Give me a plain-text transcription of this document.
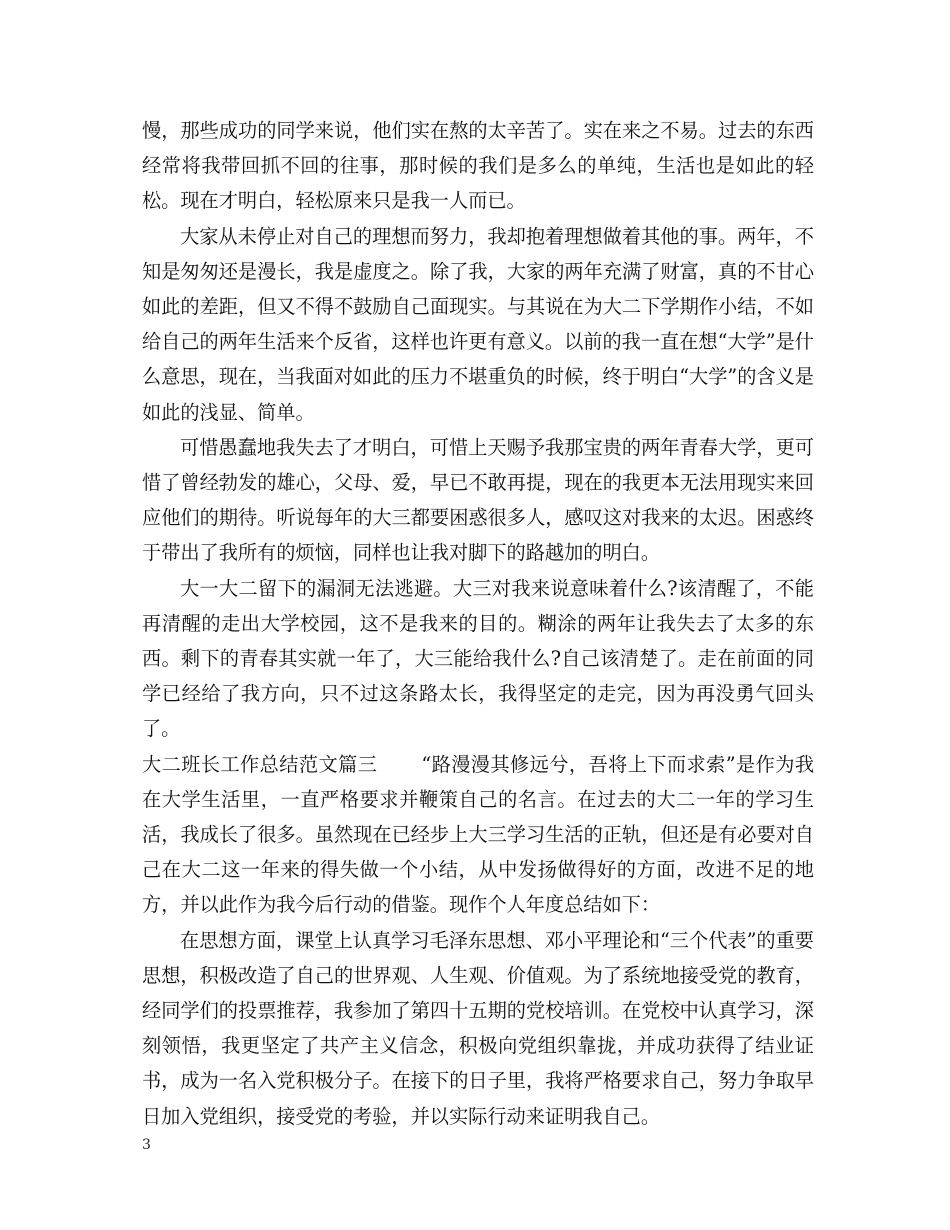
慢，那些成功的同学来说，他们实在熬的太辛苦了。实在来之不易。过去的东西经常将我带回抓不回的往事，那时候的我们是多么的单纯，生活也是如此的轻松。现在才明白，轻松原来只是我一人而已。

大家从未停止对自己的理想而努力，我却抱着理想做着其他的事。两年，不知是匆匆还是漫长，我是虚度之。除了我，大家的两年充满了财富，真的不甘心如此的差距，但又不得不鼓励自己面现实。与其说在为大二下学期作小结，不如给自己的两年生活来个反省，这样也许更有意义。以前的我一直在想“大学”是什么意思，现在，当我面对如此的压力不堪重负的时候，终于明白“大学”的含义是如此的浅显、简单。

可惜愚蠢地我失去了才明白，可惜上天赐予我那宝贵的两年青春大学，更可惜了曾经勃发的雄心，父母、爱，早已不敢再提，现在的我更本无法用现实来回应他们的期待。听说每年的大三都要困惑很多人，感叹这对我来的太迟。困惑终于带出了我所有的烦恼，同样也让我对脚下的路越加的明白。

大一大二留下的漏洞无法逃避。大三对我来说意味着什么?该清醒了，不能再清醒的走出大学校园，这不是我来的目的。糊涂的两年让我失去了太多的东西。剩下的青春其实就一年了，大三能给我什么?自己该清楚了。走在前面的同学已经给了我方向，只不过这条路太长，我得坚定的走完，因为再没勇气回头了。

大二班长工作总结范文篇三 “路漫漫其修远兮，吾将上下而求索”是作为我在大学生活里，一直严格要求并鞭策自己的名言。在过去的大二一年的学习生活，我成长了很多。虽然现在已经步上大三学习生活的正轨，但还是有必要对自己在大二这一年来的得失做一个小结，从中发扬做得好的方面，改进不足的地方，并以此作为我今后行动的借鉴。现作个人年度总结如下：

在思想方面，课堂上认真学习毛泽东思想、邓小平理论和“三个代表”的重要思想，积极改造了自己的世界观、人生观、价值观。为了系统地接受党的教育，经同学们的投票推荐，我参加了第四十五期的党校培训。在党校中认真学习，深刻领悟，我更坚定了共产主义信念，积极向党组织靠拢，并成功获得了结业证书，成为一名入党积极分子。在接下的日子里，我将严格要求自己，努力争取早日加入党组织，接受党的考验，并以实际行动来证明我自己。

3
